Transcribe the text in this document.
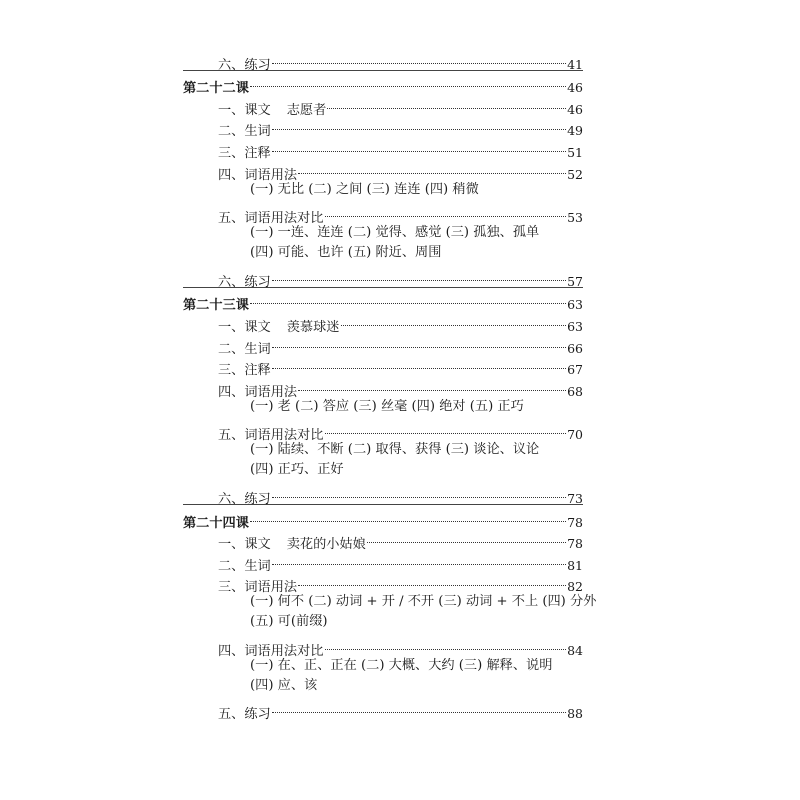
六、练习	41
第二十二课	46
一、课文 志愿者	46
二、生词	49
三、注释	51
四、词语用法	52
(一) 无比 (二) 之间 (三) 连连 (四) 稍微
五、词语用法对比	53
(一) 一连、连连 (二) 觉得、感觉 (三) 孤独、孤单
(四) 可能、也许 (五) 附近、周围
六、练习	57
第二十三课	63
一、课文 羡慕球迷	63
二、生词	66
三、注释	67
四、词语用法	68
(一) 老 (二) 答应 (三) 丝毫 (四) 绝对 (五) 正巧
五、词语用法对比	70
(一) 陆续、不断 (二) 取得、获得 (三) 谈论、议论
(四) 正巧、正好
六、练习	73
第二十四课	78
一、课文 卖花的小姑娘	78
二、生词	81
三、词语用法	82
(一) 何不 (二) 动词 + 开 / 不开 (三) 动词 + 不上 (四) 分外
(五) 可(前缀)
四、词语用法对比	84
(一) 在、正、正在 (二) 大概、大约 (三) 解释、说明
(四) 应、该
五、练习	88
